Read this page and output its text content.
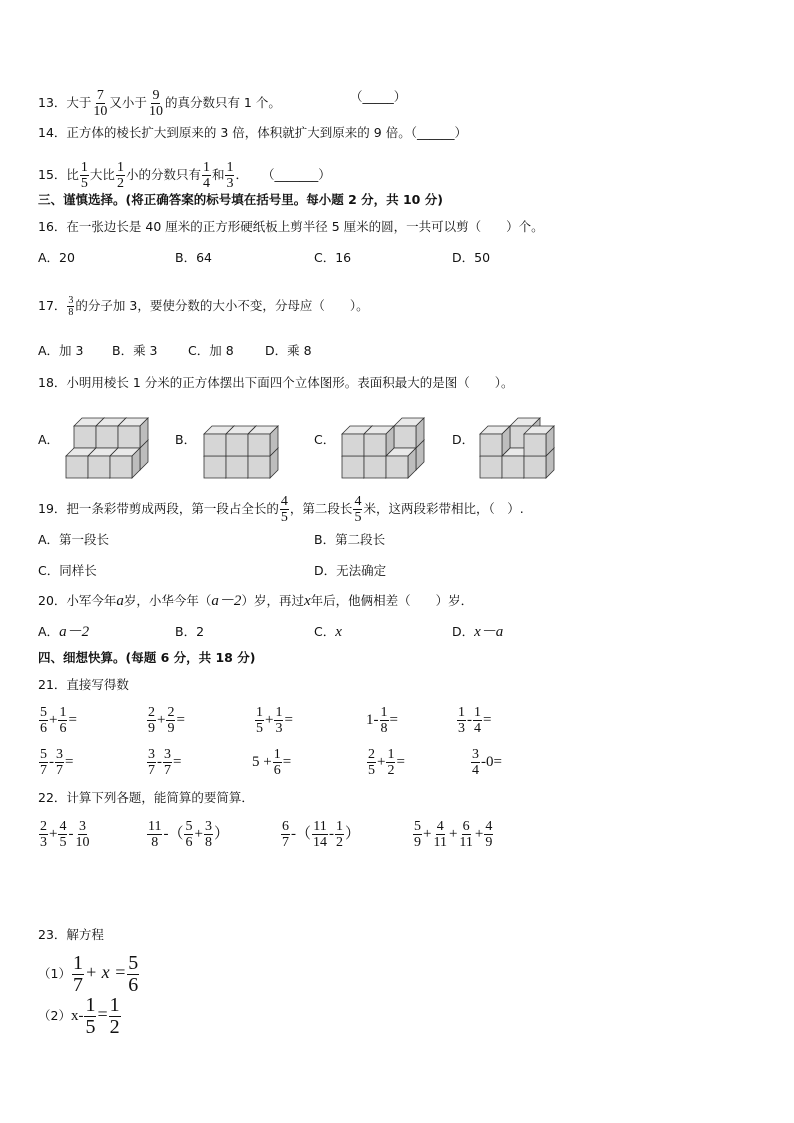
13．大于 $\frac{7}{10}$ 又小于 $\frac{9}{10}$ 的真分数只有 1 个。	（_____）
14．正方体的棱长扩大到原来的 3 倍，体积就扩大到原来的 9 倍。（______）
15．比 $\frac{1}{5}$ 大比 $\frac{1}{2}$ 小的分数只有 $\frac{1}{4}$ 和 $\frac{1}{3}$ ． （_______）
三、谨慎选择。(将正确答案的标号填在括号里。每小题 2 分，共 10 分)
16．在一张边长是 40 厘米的正方形硬纸板上剪半径 5 厘米的圆，一共可以剪（　　）个。
A．20	B．64	C．16	D．50
17． $\frac{3}{8}$ 的分子加 3，要使分数的大小不变，分母应（　　）。
A．加 3 B．乘 3 C．加 8	D．乘 8
18．小明用棱长 1 分米的正方体摆出下面四个立体图形。表面积最大的是图（　　）。
A．	B．	C．	D．
19．把一条彩带剪成两段，第一段占全长的 $\frac{4}{5}$ ，第二段长 $\frac{4}{5}$ 米，这两段彩带相比，（　）.
A．第一段长	B．第二段长
C．同样长	D．无法确定
20．小军今年a岁，小华今年（a－2）岁，再过x年后，他俩相差（　　）岁．
A．a－2	B．2	C．x	D．x－a
四、细想快算。(每题 6 分，共 18 分)
21．直接写得数
$\frac{5}{6} + \frac{1}{6}$ =	$\frac{2}{9} + \frac{2}{9}$ =	$\frac{1}{5} + \frac{1}{3}$ =	$1- \frac{1}{8}$ =	$\frac{1}{3} - \frac{1}{4}$ =
$\frac{5}{7} - \frac{3}{7}$ =	$\frac{3}{7} - \frac{3}{7}$ =	$5 + \frac{1}{6}$ =	$\frac{2}{5} + \frac{1}{2}$ =	$\frac{3}{4} -0=$
22．计算下列各题，能简算的要简算．
$\frac{2}{3} + \frac{4}{5} - \frac{3}{10}$	$\frac{11}{8}$ -（ $\frac{5}{6} + \frac{3}{8}$ ）	$\frac{6}{7}$ -（ $\frac{11}{14} - \frac{1}{2}$ ）	$\frac{5}{9} + \frac{4}{11} + \frac{6}{11} + \frac{4}{9}$
23．解方程
$(1) \frac{1}{7} + x = \frac{5}{6}$
$(2)x- \frac{1}{5} = \frac{1}{2}$
